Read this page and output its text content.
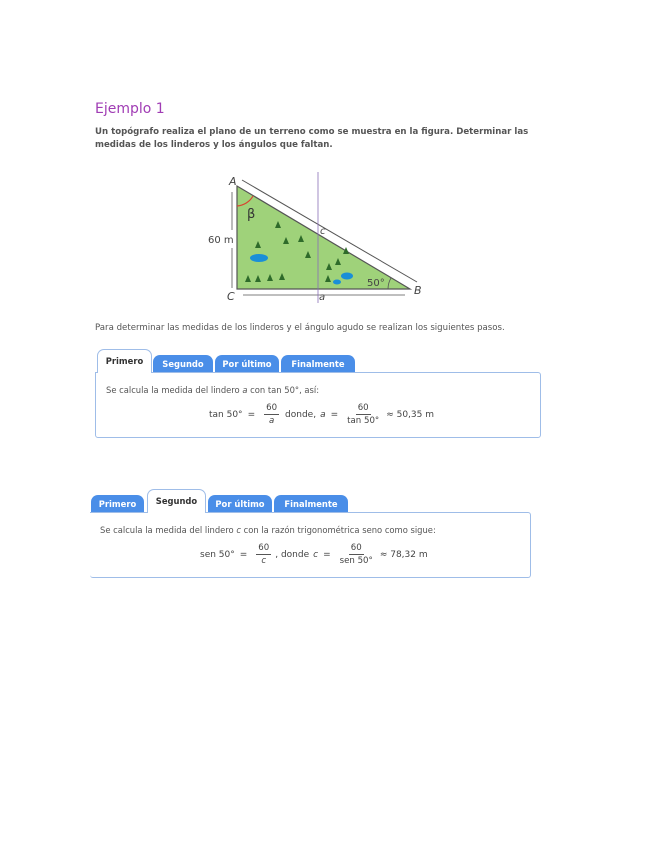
Ejemplo 1
Un topógrafo realiza el plano de un terreno como se muestra en la figura. Determinar las medidas de los linderos y los ángulos que faltan.
A
B
C	a
c
β
60 m
50°
Para determinar las medidas de los linderos y el ángulo agudo se realizan los siguientes pasos.
Primero	Segundo	Por último	Finalmente
Se calcula la medida del lindero a con tan 50°, así:
$\tan 50^\circ = \frac{60}{a}$ donde, $a = \frac{60}{\tan 50^\circ} \approx 50,35$ m
Primero	Segundo	Por último	Finalmente
Se calcula la medida del lindero c con la razón trigonométrica seno como sigue:
sen $50^\circ = \frac{60}{c}$ , donde $c = \frac{60}{\text{sen 50°}} \approx 78,32$ m
